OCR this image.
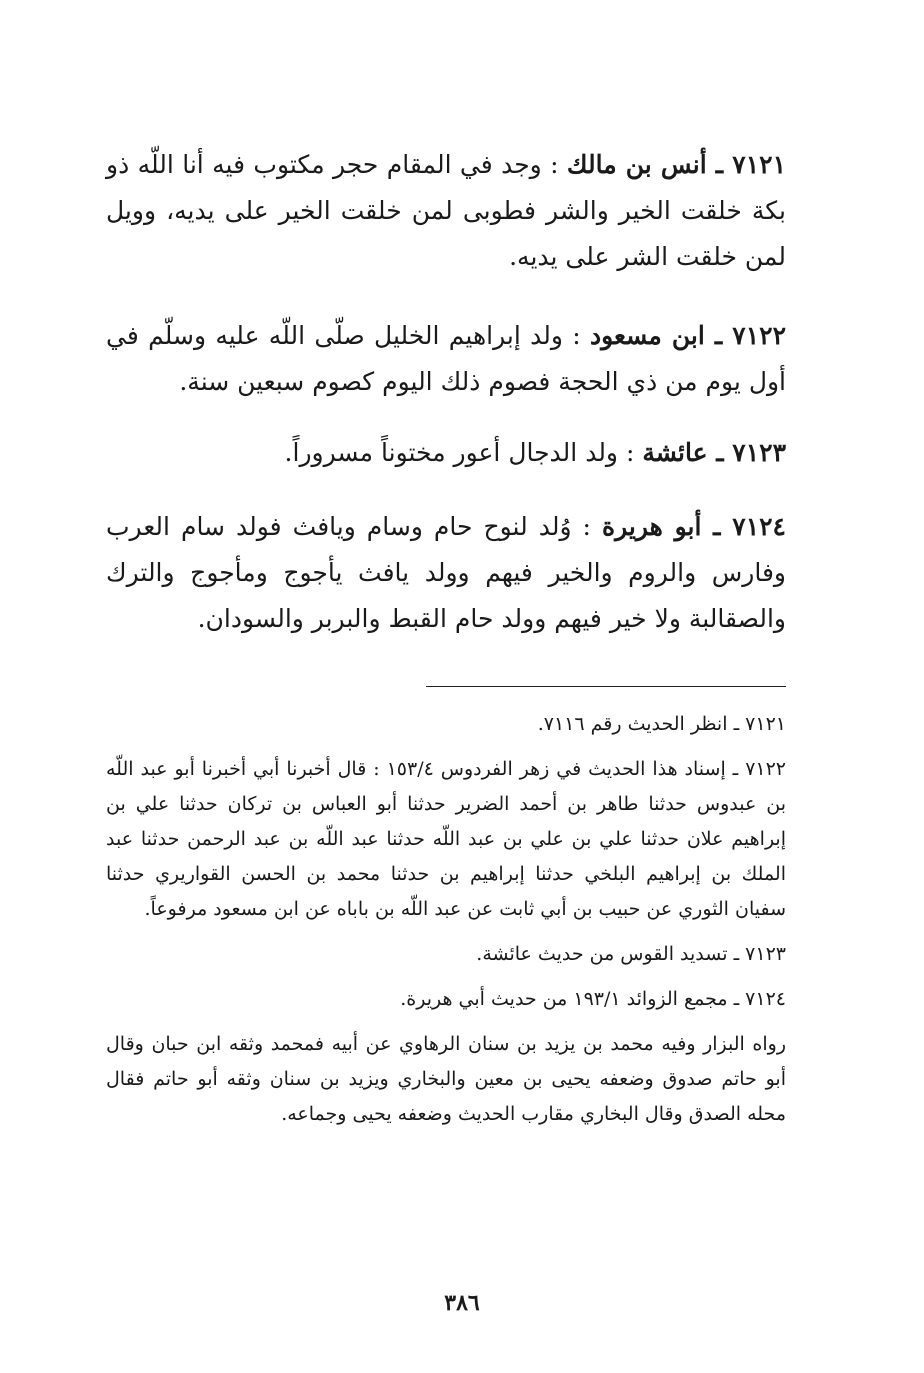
٧١٢١ ـ أنس بن مالك : وجد في المقام حجر مكتوب فيه أنا اللّه ذو بكة خلقت الخير والشر فطوبى لمن خلقت الخير على يديه، وويل لمن خلقت الشر على يديه.

٧١٢٢ ـ ابن مسعود : ولد إبراهيم الخليل صلّى اللّه عليه وسلّم في أول يوم من ذي الحجة فصوم ذلك اليوم كصوم سبعين سنة.

٧١٢٣ ـ عائشة : ولد الدجال أعور مختوناً مسروراً.

٧١٢٤ ـ أبو هريرة : وُلد لنوح حام وسام ويافث فولد سام العرب وفارس والروم والخير فيهم وولد يافث يأجوج ومأجوج والترك والصقالبة ولا خير فيهم وولد حام القبط والبربر والسودان.

٧١٢١ ـ انظر الحديث رقم ٧١١٦.

٧١٢٢ ـ إسناد هذا الحديث في زهر الفردوس ١٥٣/٤ : قال أخبرنا أبي أخبرنا أبو عبد اللّه بن عبدوس حدثنا طاهر بن أحمد الضرير حدثنا أبو العباس بن تركان حدثنا علي بن إبراهيم علان حدثنا علي بن علي بن عبد اللّه حدثنا عبد اللّه بن عبد الرحمن حدثنا عبد الملك بن إبراهيم البلخي حدثنا إبراهيم بن حدثنا محمد بن الحسن القواريري حدثنا سفيان الثوري عن حبيب بن أبي ثابت عن عبد اللّه بن باباه عن ابن مسعود مرفوعاً.

٧١٢٣ ـ تسديد القوس من حديث عائشة.

٧١٢٤ ـ مجمع الزوائد ١٩٣/١ من حديث أبي هريرة.

رواه البزار وفيه محمد بن يزيد بن سنان الرهاوي عن أبيه فمحمد وثقه ابن حبان وقال أبو حاتم صدوق وضعفه يحيى بن معين والبخاري ويزيد بن سنان وثقه أبو حاتم فقال محله الصدق وقال البخاري مقارب الحديث وضعفه يحيى وجماعه.

٣٨٦
